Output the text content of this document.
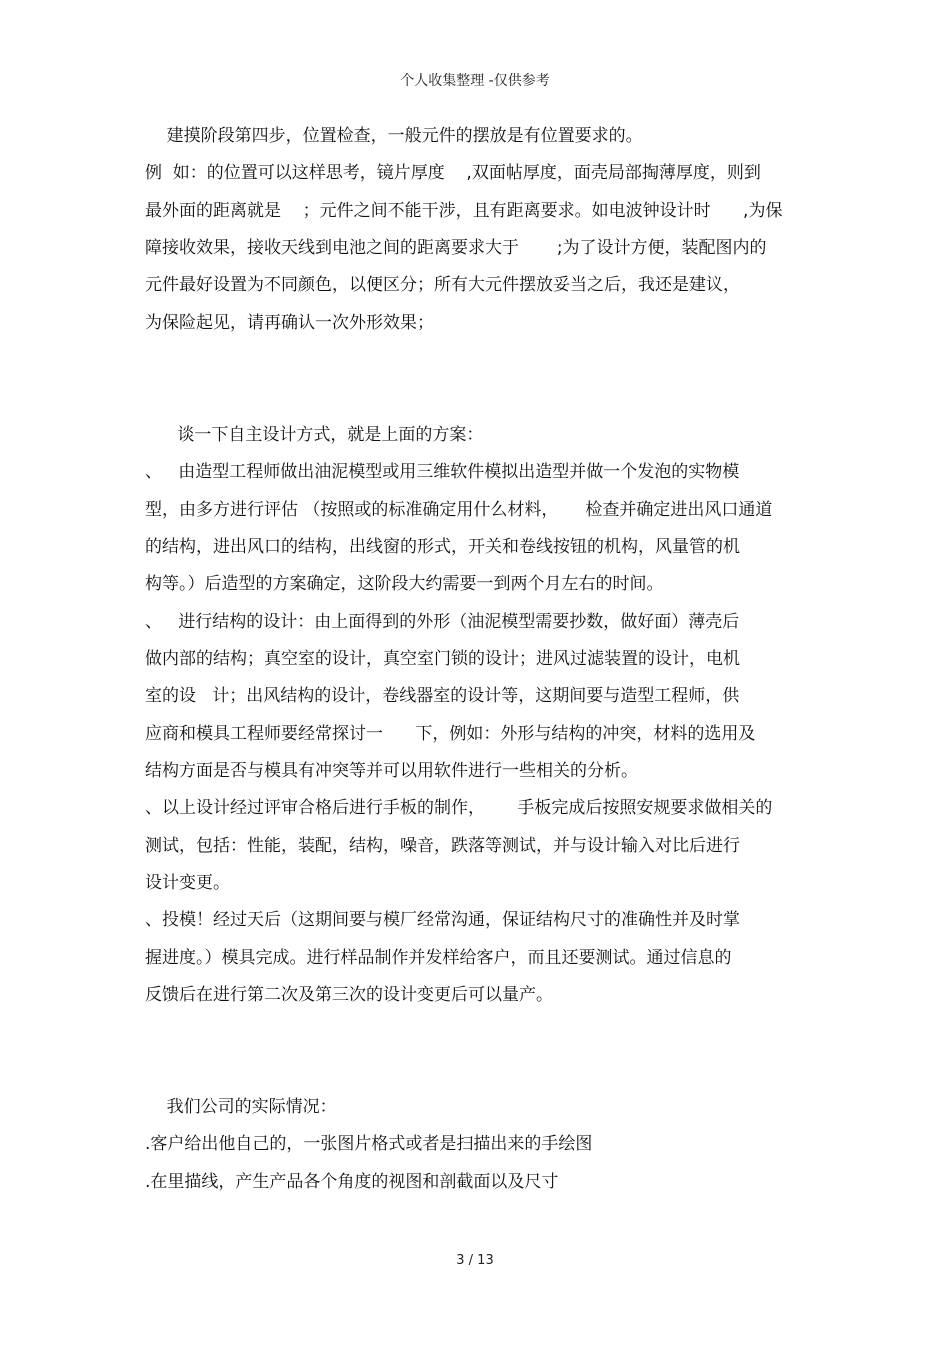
个人收集整理 -仅供参考
建摸阶段第四步，位置检查，一般元件的摆放是有位置要求的。
例  如：的位置可以这样思考，镜片厚度    ,双面帖厚度，面壳局部掏薄厚度，则到
最外面的距离就是    ；元件之间不能干涉，且有距离要求。如电波钟设计时      ,为保
障接收效果，接收天线到电池之间的距离要求大于       ;为了设计方便，装配图内的
元件最好设置为不同颜色，以便区分；所有大元件摆放妥当之后，我还是建议，
为保险起见，请再确认一次外形效果；
谈一下自主设计方式，就是上面的方案：
、   由造型工程师做出油泥模型或用三维软件模拟出造型并做一个发泡的实物模
型，由多方进行评估 （按照或的标准确定用什么材料，     检查并确定进出风口通道
的结构，进出风口的结构，出线窗的形式，开关和卷线按钮的机构，风量管的机
构等。）后造型的方案确定，这阶段大约需要一到两个月左右的时间。
、   进行结构的设计：由上面得到的外形（油泥模型需要抄数，做好面）薄壳后
做内部的结构；真空室的设计，真空室门锁的设计；进风过滤装置的设计，电机
室的设   计；出风结构的设计，卷线器室的设计等，这期间要与造型工程师，供
应商和模具工程师要经常探讨一      下，例如：外形与结构的冲突，材料的选用及
结构方面是否与模具有冲突等并可以用软件进行一些相关的分析。
、以上设计经过评审合格后进行手板的制作，      手板完成后按照安规要求做相关的
测试，包括：性能，装配，结构，噪音，跌落等测试，并与设计输入对比后进行
设计变更。
、投模！经过天后（这期间要与模厂经常沟通，保证结构尺寸的准确性并及时掌
握进度。）模具完成。进行样品制作并发样给客户，而且还要测试。通过信息的
反馈后在进行第二次及第三次的设计变更后可以量产。
我们公司的实际情况：
.客户给出他自己的，一张图片格式或者是扫描出来的手绘图
.在里描线，产生产品各个角度的视图和剖截面以及尺寸
3 / 13
